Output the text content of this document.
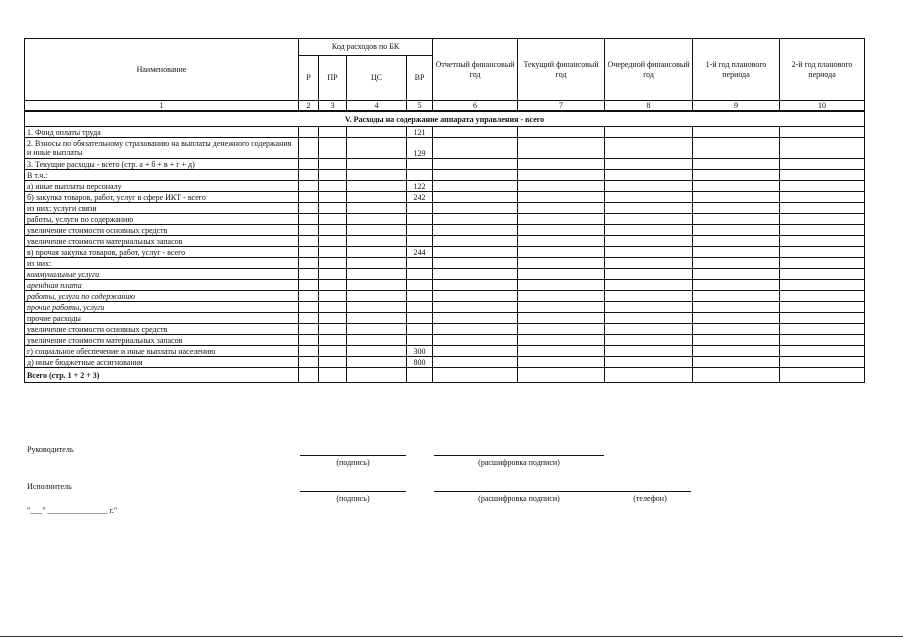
Наименование	Код расходов по БК				Отчетный финансовый год	Текущий финансовый год	Очередной финансовый год	1-й год планового периода	2-й год планового периода
	Р	ПР	ЦС	ВР					
1	2	3	4	5	6	7	8	9	10
V. Расходы на содержание аппарата управления - всего									
1. Фонд оплаты труда				121					
2. Взносы по обязательному страхованию на выплаты денежного содержания и иные выплаты				129					
3. Текущие расходы - всего (стр. а + б + в + г + д)									
В т.ч.:									
а) иные выплаты персоналу				122					
б) закупка товаров, работ, услуг в сфере ИКТ - всего				242					
из них: услуги связи									
работы, услуги по содержанию									
увеличение стоимости основных средств									
увеличение стоимости материальных запасов									
в) прочая закупка товаров, работ, услуг - всего				244					
из них:									
коммунальные услуги									
арендная плата									
работы, услуги по содержанию									
прочие работы, услуги									
прочие расходы									
увеличение стоимости основных средств									
увеличение стоимости материальных запасов									
г) социальное обеспечение и иные выплаты населению				300					
д) иные бюджетные ассигнования				800					
Всего (стр. 1 + 2 + 3)									
Руководитель
(подпись)	(расшифровка подписи)
Исполнитель
(подпись)	(расшифровка подписи)	(телефон)
"___" _______________ г."
